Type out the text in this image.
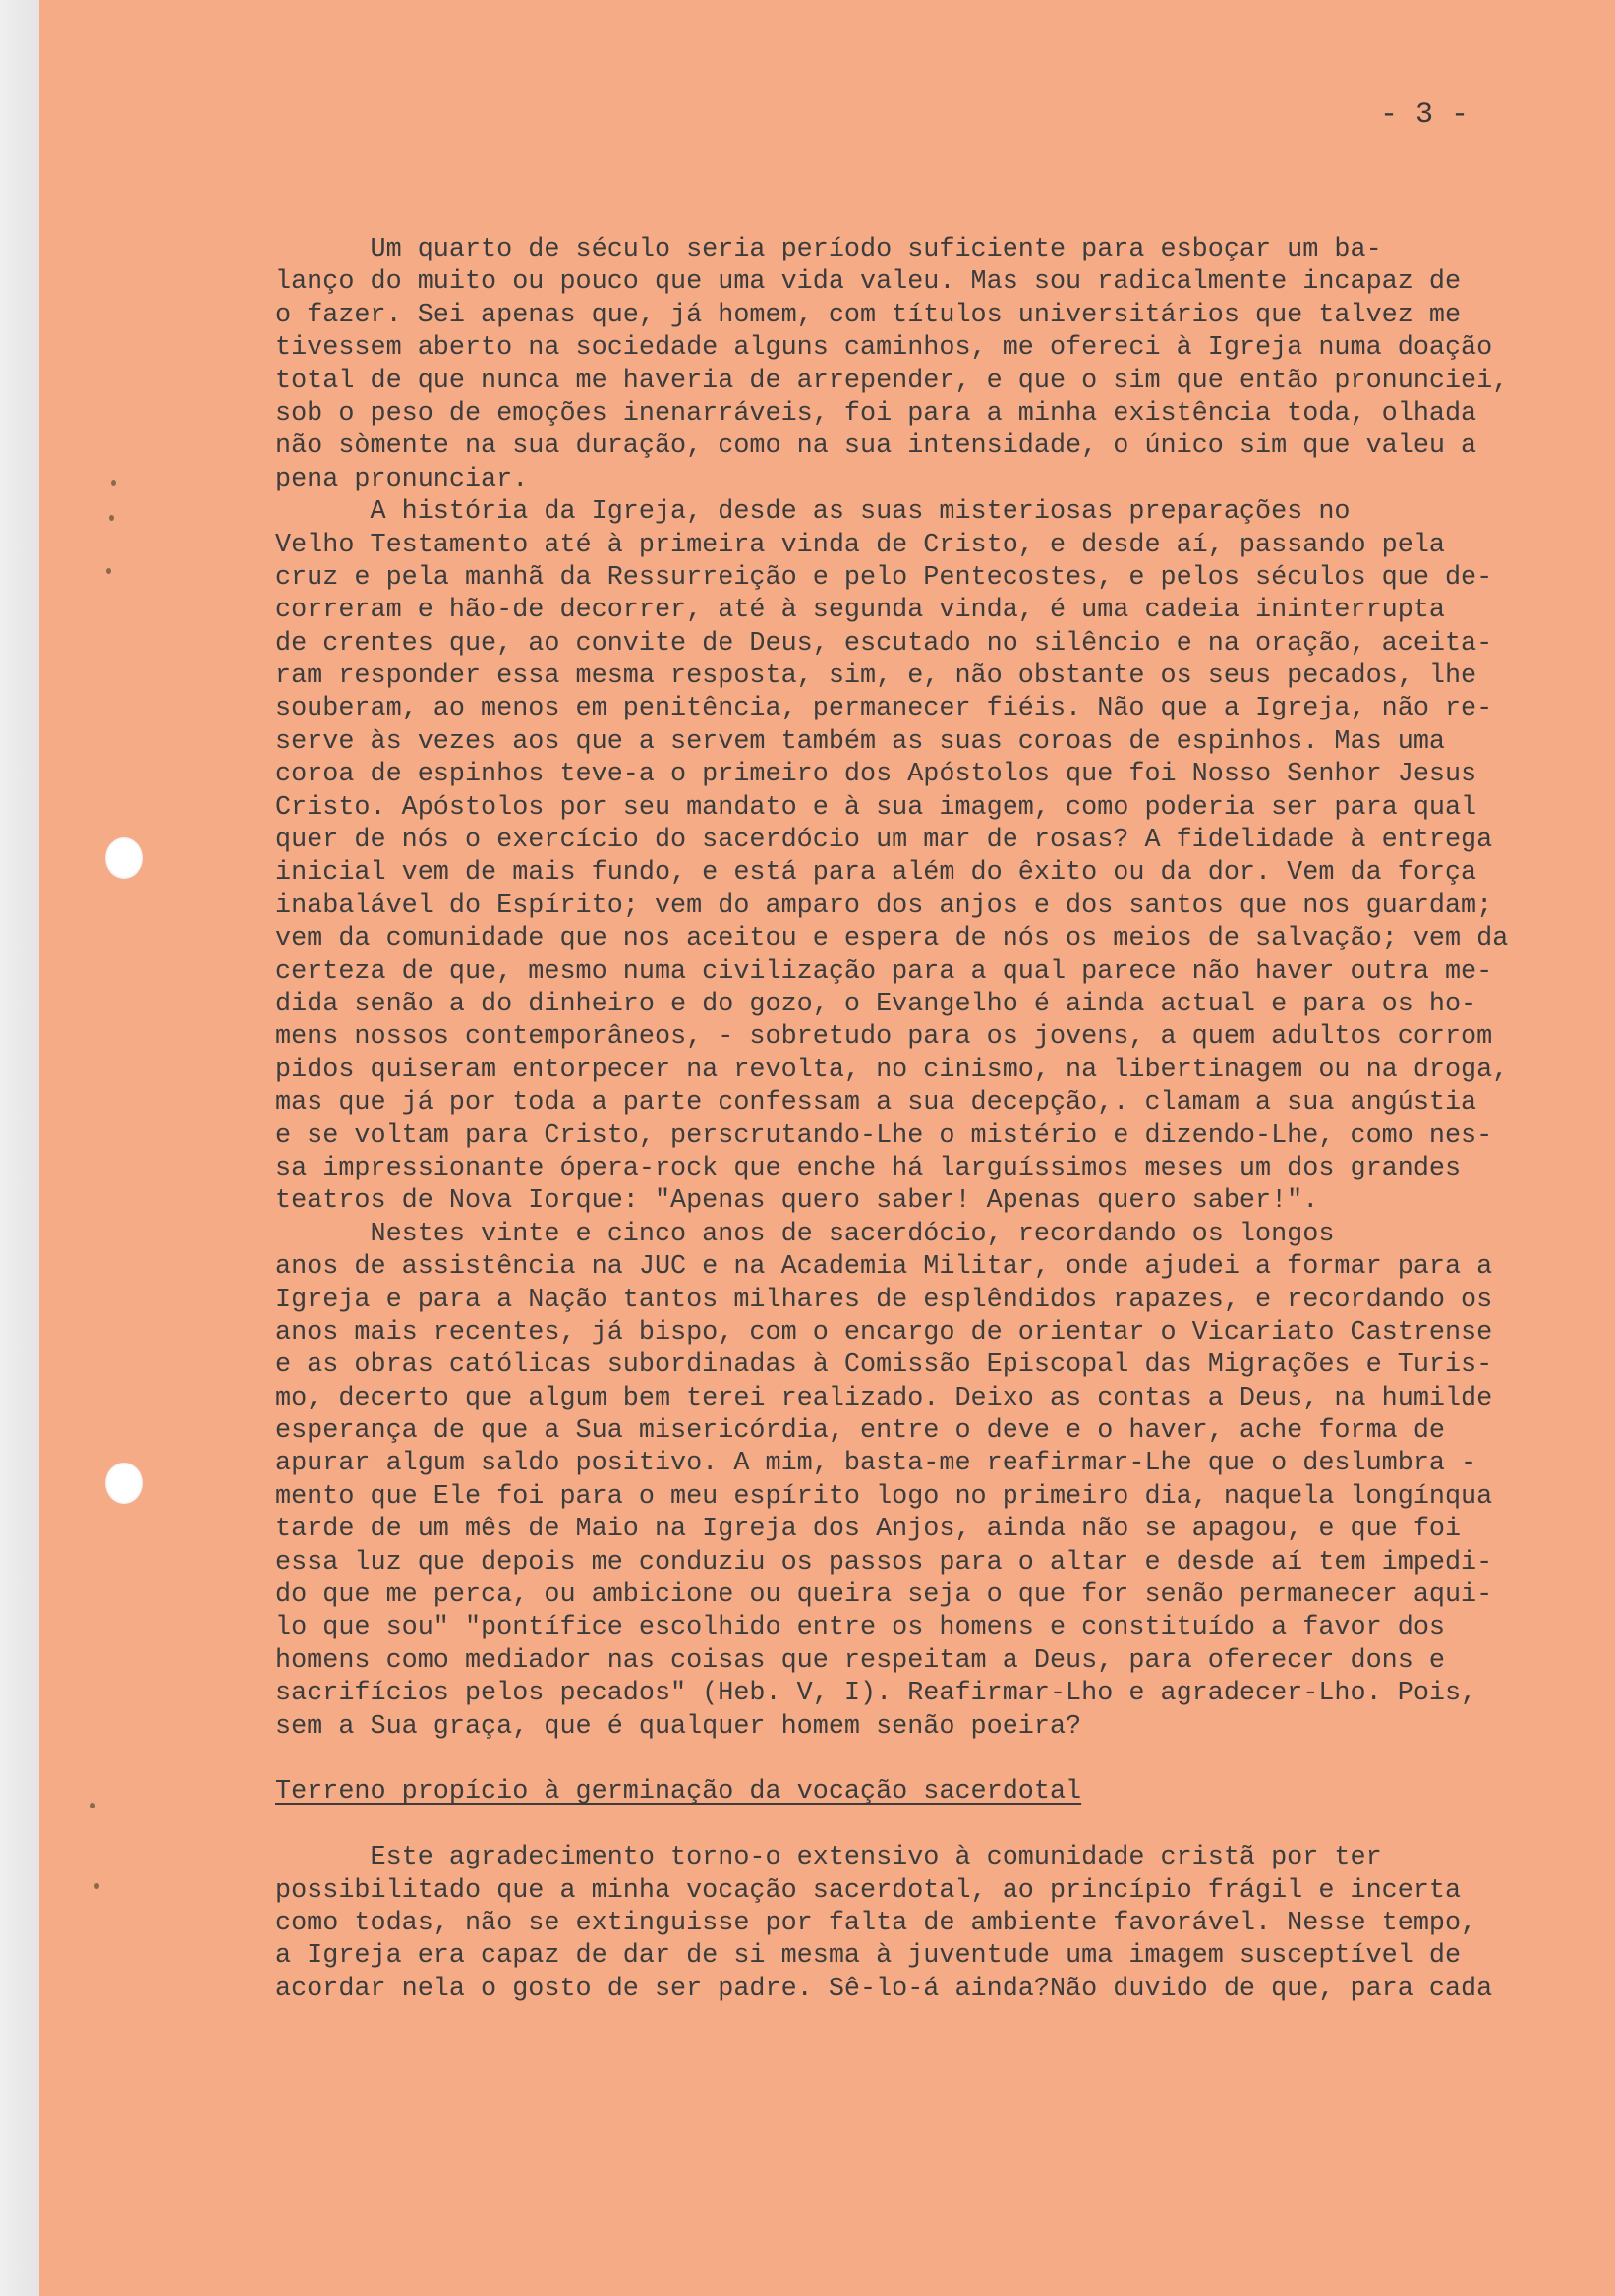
- 3 -
Um quarto de século seria período suficiente para esboçar um ba-
lanço do muito ou pouco que uma vida valeu. Mas sou radicalmente incapaz de
o fazer. Sei apenas que, já homem, com títulos universitários que talvez me
tivessem aberto na sociedade alguns caminhos, me ofereci à Igreja numa doação
total de que nunca me haveria de arrepender, e que o sim que então pronunciei,
sob o peso de emoções inenarráveis, foi para a minha existência toda, olhada
não sòmente na sua duração, como na sua intensidade, o único sim que valeu a
pena pronunciar.
A história da Igreja, desde as suas misteriosas preparações no
Velho Testamento até à primeira vinda de Cristo, e desde aí, passando pela
cruz e pela manhã da Ressurreição e pelo Pentecostes, e pelos séculos que de-
correram e hão-de decorrer, até à segunda vinda, é uma cadeia ininterrupta
de crentes que, ao convite de Deus, escutado no silêncio e na oração, aceita-
ram responder essa mesma resposta, sim, e, não obstante os seus pecados, lhe
souberam, ao menos em penitência, permanecer fiéis. Não que a Igreja, não re-
serve às vezes aos que a servem também as suas coroas de espinhos. Mas uma
coroa de espinhos teve-a o primeiro dos Apóstolos que foi Nosso Senhor Jesus
Cristo. Apóstolos por seu mandato e à sua imagem, como poderia ser para qual
quer de nós o exercício do sacerdócio um mar de rosas? A fidelidade à entrega
inicial vem de mais fundo, e está para além do êxito ou da dor. Vem da força
inabalável do Espírito; vem do amparo dos anjos e dos santos que nos guardam;
vem da comunidade que nos aceitou e espera de nós os meios de salvação; vem da
certeza de que, mesmo numa civilização para a qual parece não haver outra me-
dida senão a do dinheiro e do gozo, o Evangelho é ainda actual e para os ho-
mens nossos contemporâneos, - sobretudo para os jovens, a quem adultos corrom
pidos quiseram entorpecer na revolta, no cinismo, na libertinagem ou na droga,
mas que já por toda a parte confessam a sua decepção,. clamam a sua angústia
e se voltam para Cristo, perscrutando-Lhe o mistério e dizendo-Lhe, como nes-
sa impressionante ópera-rock que enche há larguíssimos meses um dos grandes
teatros de Nova Iorque: "Apenas quero saber! Apenas quero saber!".
Nestes vinte e cinco anos de sacerdócio, recordando os longos
anos de assistência na JUC e na Academia Militar, onde ajudei a formar para a
Igreja e para a Nação tantos milhares de esplêndidos rapazes, e recordando os
anos mais recentes, já bispo, com o encargo de orientar o Vicariato Castrense
e as obras católicas subordinadas à Comissão Episcopal das Migrações e Turis-
mo, decerto que algum bem terei realizado. Deixo as contas a Deus, na humilde
esperança de que a Sua misericórdia, entre o deve e o haver, ache forma de
apurar algum saldo positivo. A mim, basta-me reafirmar-Lhe que o deslumbra -
mento que Ele foi para o meu espírito logo no primeiro dia, naquela longínqua
tarde de um mês de Maio na Igreja dos Anjos, ainda não se apagou, e que foi
essa luz que depois me conduziu os passos para o altar e desde aí tem impedi-
do que me perca, ou ambicione ou queira seja o que for senão permanecer aqui-
lo que sou" "pontífice escolhido entre os homens e constituído a favor dos
homens como mediador nas coisas que respeitam a Deus, para oferecer dons e
sacrifícios pelos pecados" (Heb. V, I). Reafirmar-Lho e agradecer-Lho. Pois,
sem a Sua graça, que é qualquer homem senão poeira?
Terreno propício à germinação da vocação sacerdotal
Este agradecimento torno-o extensivo à comunidade cristã por ter
possibilitado que a minha vocação sacerdotal, ao princípio frágil e incerta
como todas, não se extinguisse por falta de ambiente favorável. Nesse tempo,
a Igreja era capaz de dar de si mesma à juventude uma imagem susceptível de
acordar nela o gosto de ser padre. Sê-lo-á ainda?Não duvido de que, para cada
